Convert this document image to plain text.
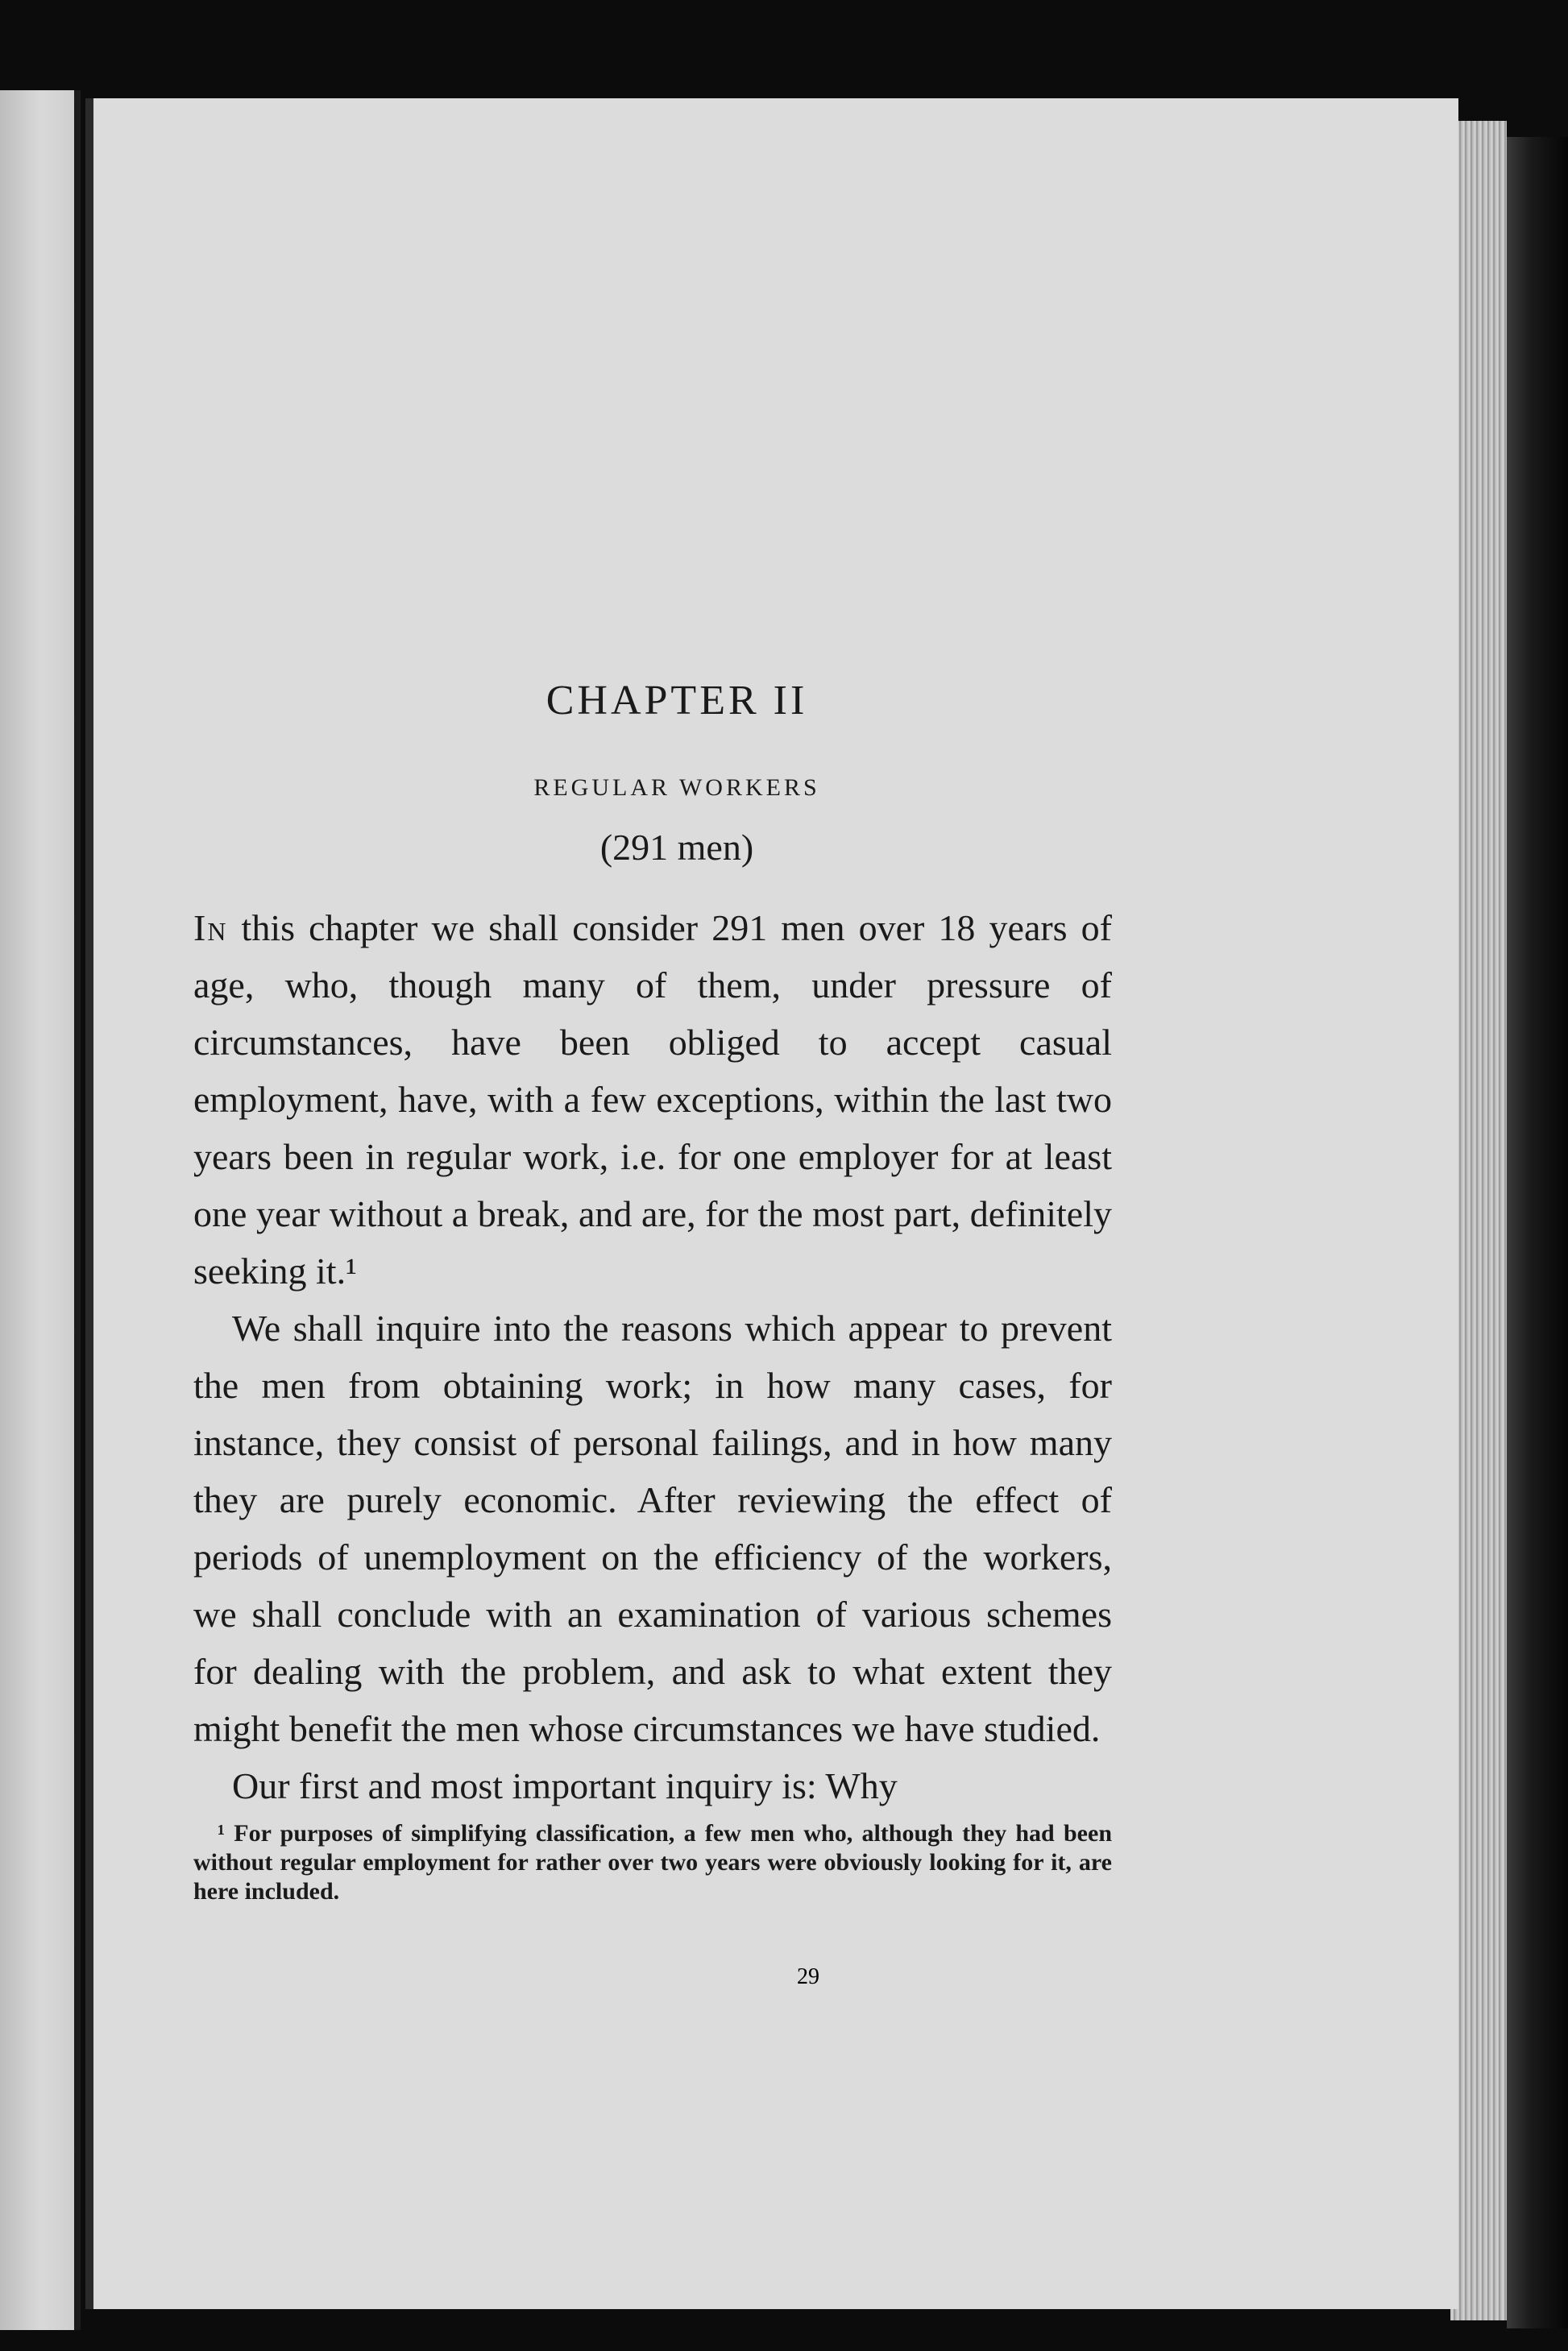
CHAPTER II
REGULAR WORKERS
(291 men)

In this chapter we shall consider 291 men over 18 years of age, who, though many of them, under pressure of circumstances, have been obliged to accept casual employment, have, with a few exceptions, within the last two years been in regular work, i.e. for one employer for at least one year without a break, and are, for the most part, definitely seeking it.¹

We shall inquire into the reasons which appear to prevent the men from obtaining work; in how many cases, for instance, they consist of personal failings, and in how many they are purely economic. After reviewing the effect of periods of unemployment on the efficiency of the workers, we shall conclude with an examination of various schemes for dealing with the problem, and ask to what extent they might benefit the men whose circumstances we have studied.

Our first and most important inquiry is: Why

¹ For purposes of simplifying classification, a few men who, although they had been without regular employment for rather over two years were obviously looking for it, are here included.
29
